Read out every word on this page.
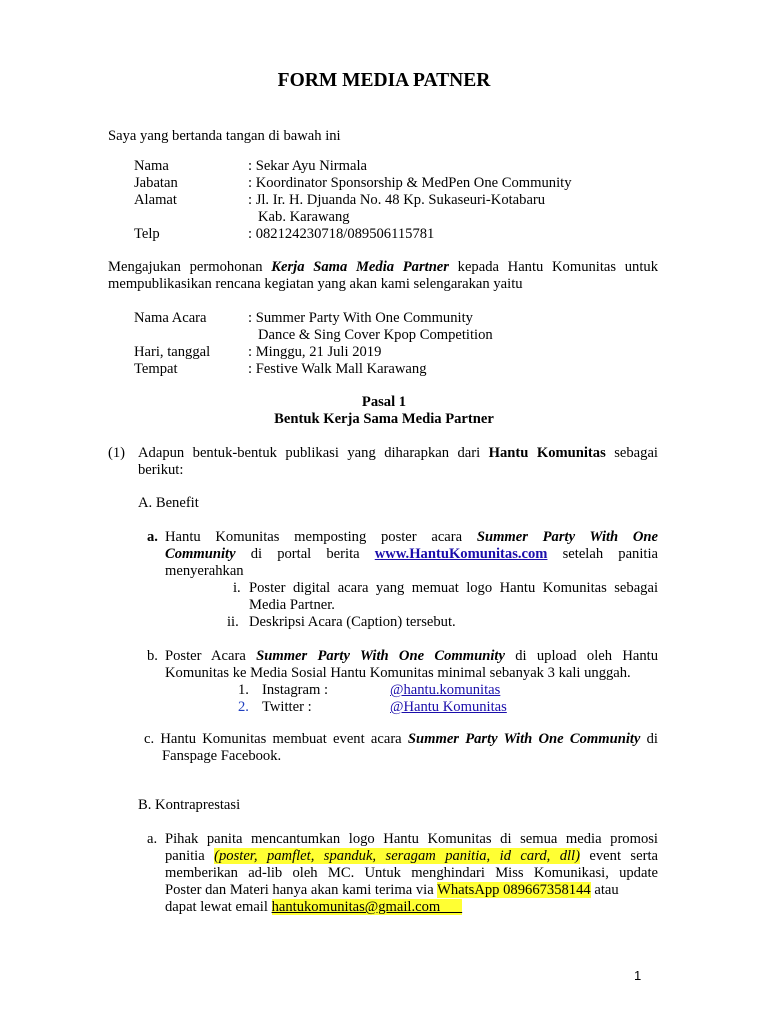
FORM MEDIA PATNER
Saya yang bertanda tangan di bawah ini
Nama	: Sekar Ayu Nirmala
Jabatan	: Koordinator Sponsorship & MedPen One Community
Alamat	: Jl. Ir. H. Djuanda No. 48 Kp. Sukaseuri-Kotabaru
Kab. Karawang
Telp	: 082124230718/089506115781
Mengajukan permohonan Kerja Sama Media Partner kepada Hantu Komunitas untuk
mempublikasikan rencana kegiatan yang akan kami selengarakan yaitu
Nama Acara	: Summer Party With One Community
Dance & Sing Cover Kpop Competition
Hari, tanggal	: Minggu, 21 Juli 2019
Tempat	: Festive Walk Mall Karawang
Pasal 1
Bentuk Kerja Sama Media Partner
(1) Adapun bentuk-bentuk publikasi yang diharapkan dari Hantu Komunitas sebagai
berikut:
A. Benefit
a. Hantu Komunitas memposting poster acara Summer Party With One
Community di portal berita www.HantuKomunitas.com setelah panitia
menyerahkan
i. Poster digital acara yang memuat logo Hantu Komunitas sebagai
Media Partner.
ii. Deskripsi Acara (Caption) tersebut.
b. Poster Acara Summer Party With One Community di upload oleh Hantu
Komunitas ke Media Sosial Hantu Komunitas minimal sebanyak 3 kali unggah.
1. Instagram :	@hantu.komunitas
2. Twitter :	@Hantu Komunitas
c. Hantu Komunitas membuat event acara Summer Party With One Community di
Fanspage Facebook.
B. Kontraprestasi
a. Pihak panita mencantumkan logo Hantu Komunitas di semua media promosi
panitia (poster, pamflet, spanduk, seragam panitia, id card, dll) event serta
memberikan ad-lib oleh MC. Untuk menghindari Miss Komunikasi, update
Poster dan Materi hanya akan kami terima via WhatsApp 089667358144 atau
dapat lewat email hantukomunitas@gmail.com
1
